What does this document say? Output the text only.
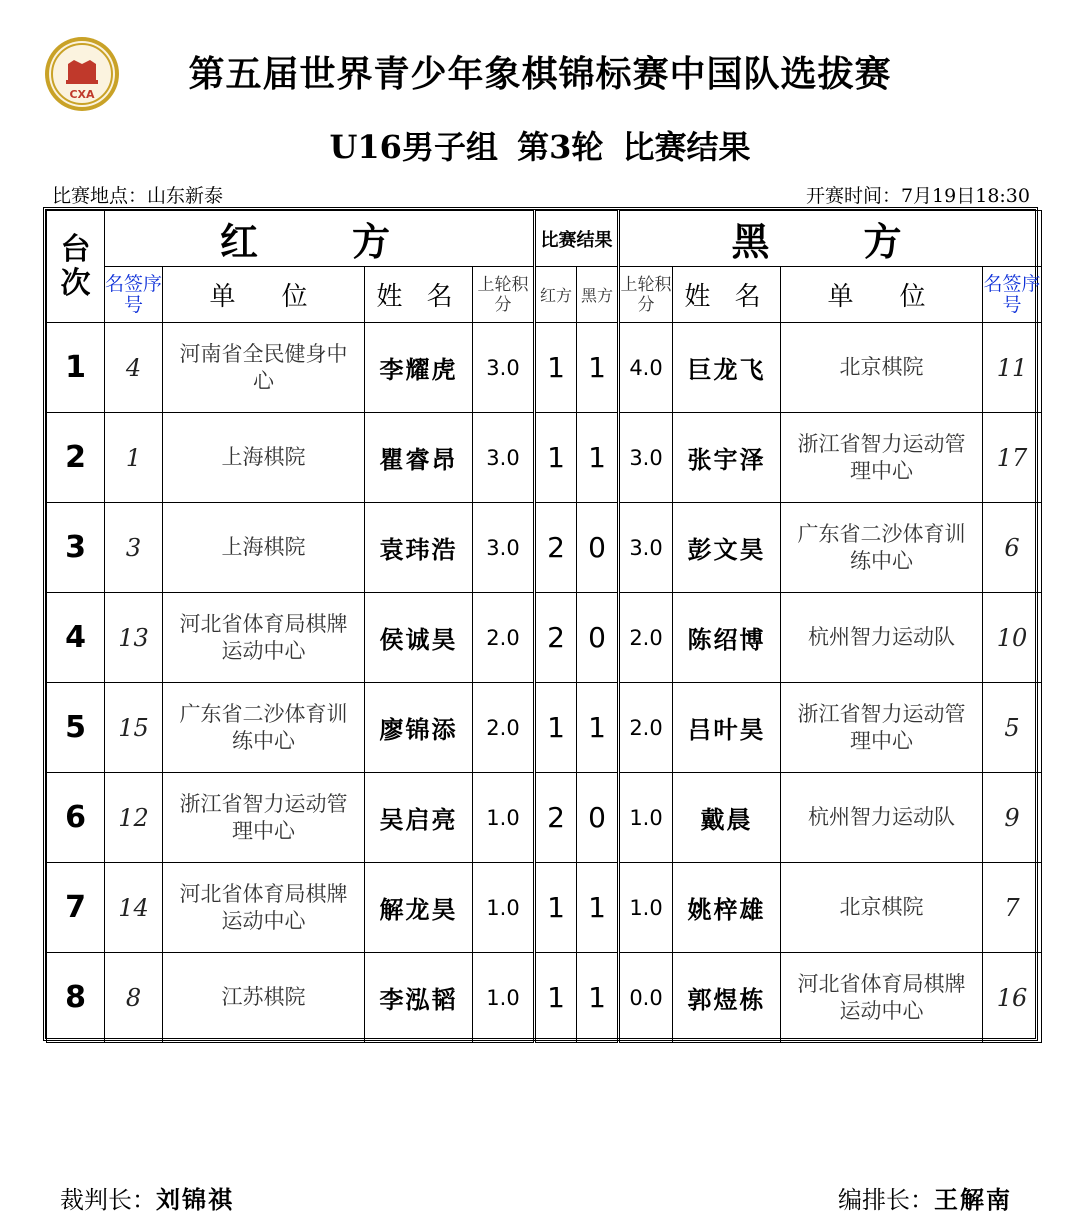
CXA	第五届世界青少年象棋锦标赛中国队选拔赛
U16男子组 第3轮 比赛结果
比赛地点：山东新泰	开赛时间：7月19日18:30
台次	红　方				比赛结果		黑　方			
	名签序号	单　位	姓 名	上轮积分	红方	黑方	上轮积分	姓 名	单　位	名签序号
1	4	河南省全民健身中心	李耀虎	3.0	1	1	4.0	巨龙飞	北京棋院	11
2	1	上海棋院	瞿睿昂	3.0	1	1	3.0	张宇泽	浙江省智力运动管理中心	17
3	3	上海棋院	袁玮浩	3.0	2	0	3.0	彭文昊	广东省二沙体育训练中心	6
4	13	河北省体育局棋牌运动中心	侯诚昊	2.0	2	0	2.0	陈绍博	杭州智力运动队	10
5	15	广东省二沙体育训练中心	廖锦添	2.0	1	1	2.0	吕叶昊	浙江省智力运动管理中心	5
6	12	浙江省智力运动管理中心	吴启亮	1.0	2	0	1.0	戴晨	杭州智力运动队	9
7	14	河北省体育局棋牌运动中心	解龙昊	1.0	1	1	1.0	姚梓雄	北京棋院	7
8	8	江苏棋院	李泓韬	1.0	1	1	0.0	郭煜栋	河北省体育局棋牌运动中心	16
裁判长：刘锦祺	编排长：王解南
